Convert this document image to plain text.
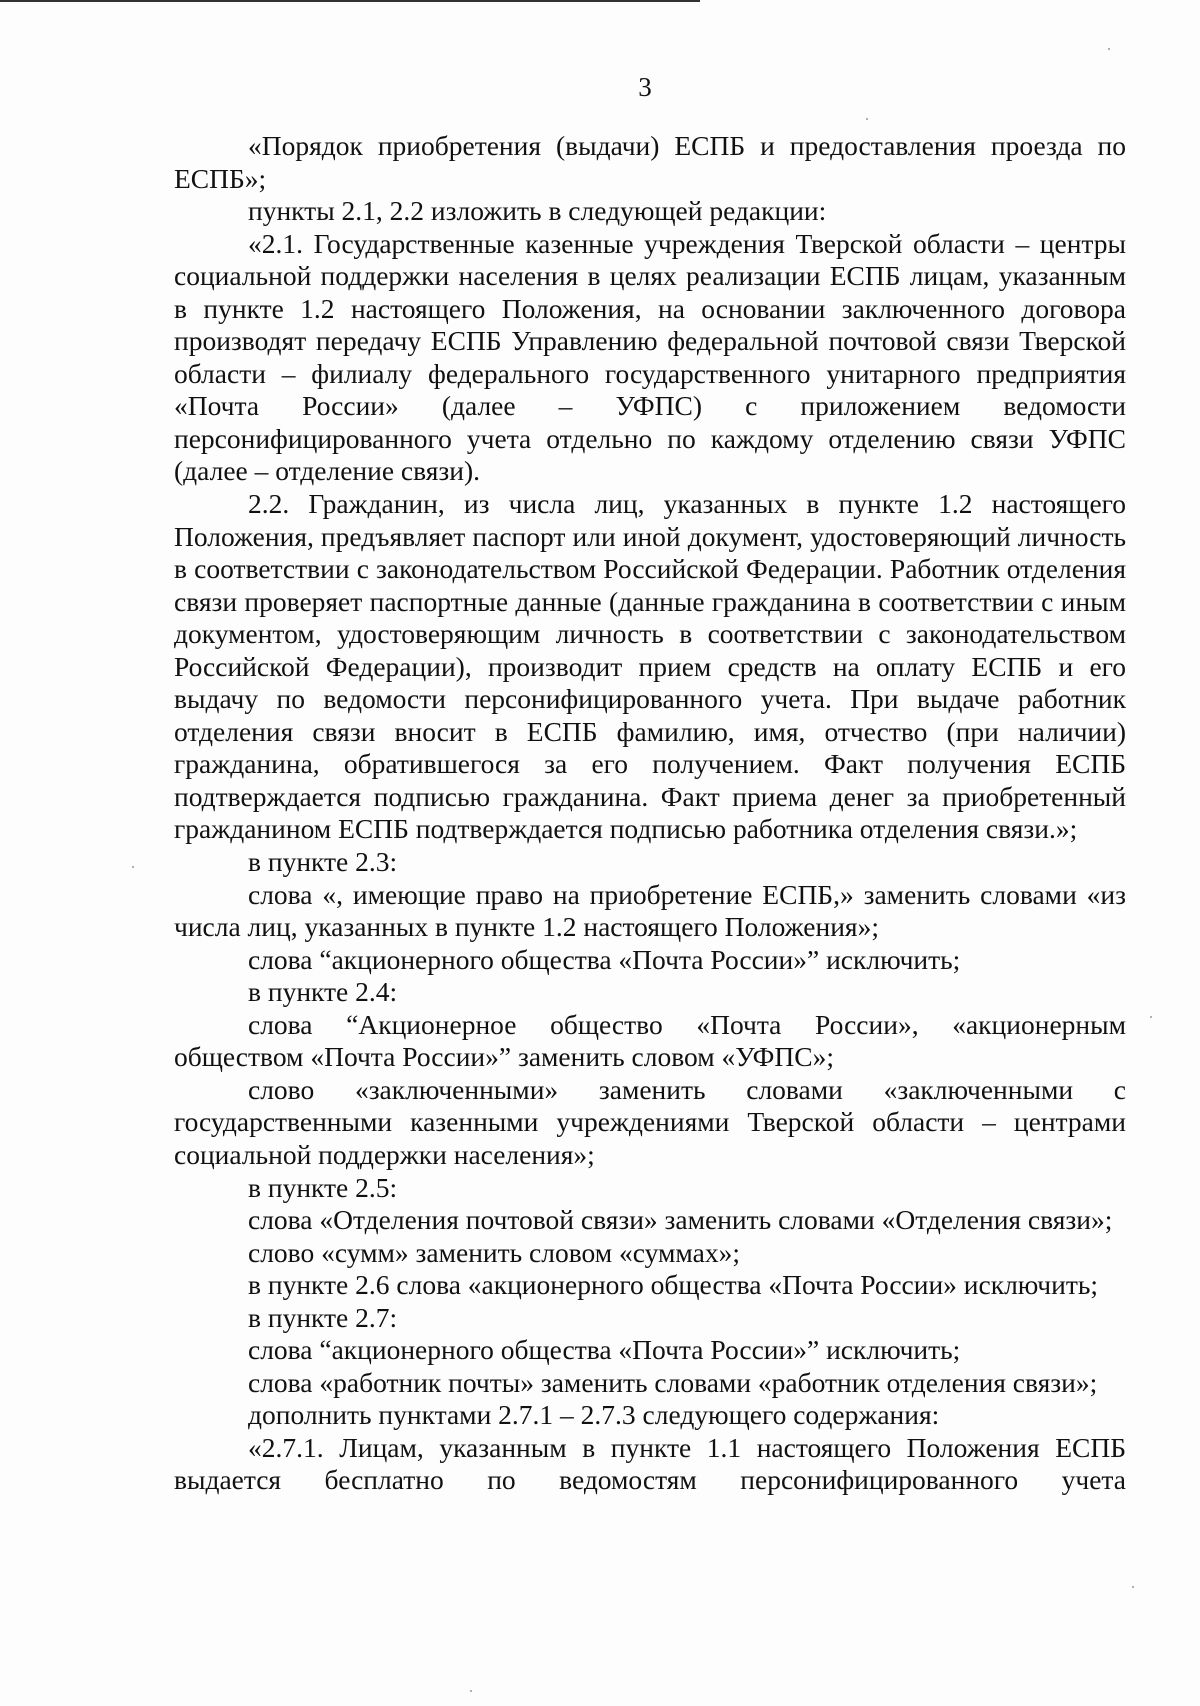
3

«Порядок приобретения (выдачи) ЕСПБ и предоставления проезда по ЕСПБ»;

пункты 2.1, 2.2 изложить в следующей редакции:

«2.1. Государственные казенные учреждения Тверской области – центры социальной поддержки населения в целях реализации ЕСПБ лицам, указанным в пункте 1.2 настоящего Положения, на основании заключенного договора производят передачу ЕСПБ Управлению федеральной почтовой связи Тверской области – филиалу федерального государственного унитарного предприятия «Почта России» (далее – УФПС) с приложением ведомости персонифицированного учета отдельно по каждому отделению связи УФПС (далее – отделение связи).

2.2. Гражданин, из числа лиц, указанных в пункте 1.2 настоящего Положения, предъявляет паспорт или иной документ, удостоверяющий личность в соответствии с законодательством Российской Федерации. Работник отделения связи проверяет паспортные данные (данные гражданина в соответствии с иным документом, удостоверяющим личность в соответствии с законодательством Российской Федерации), производит прием средств на оплату ЕСПБ и его выдачу по ведомости персонифицированного учета. При выдаче работник отделения связи вносит в ЕСПБ фамилию, имя, отчество (при наличии) гражданина, обратившегося за его получением. Факт получения ЕСПБ подтверждается подписью гражданина. Факт приема денег за приобретенный гражданином ЕСПБ подтверждается подписью работника отделения связи.»;

в пункте 2.3:

слова «, имеющие право на приобретение ЕСПБ,» заменить словами «из числа лиц, указанных в пункте 1.2 настоящего Положения»;

слова “акционерного общества «Почта России»” исключить;

в пункте 2.4:

слова “Акционерное общество «Почта России», «акционерным обществом «Почта России»” заменить словом «УФПС»;

слово «заключенными» заменить словами «заключенными с государственными казенными учреждениями Тверской области – центрами социальной поддержки населения»;

в пункте 2.5:

слова «Отделения почтовой связи» заменить словами «Отделения связи»;

слово «сумм» заменить словом «суммах»;

в пункте 2.6 слова «акционерного общества «Почта России» исключить;

в пункте 2.7:

слова “акционерного общества «Почта России»” исключить;

слова «работник почты» заменить словами «работник отделения связи»;

дополнить пунктами 2.7.1 – 2.7.3 следующего содержания:

«2.7.1. Лицам, указанным в пункте 1.1 настоящего Положения ЕСПБ выдается бесплатно по ведомостям персонифицированного учета
